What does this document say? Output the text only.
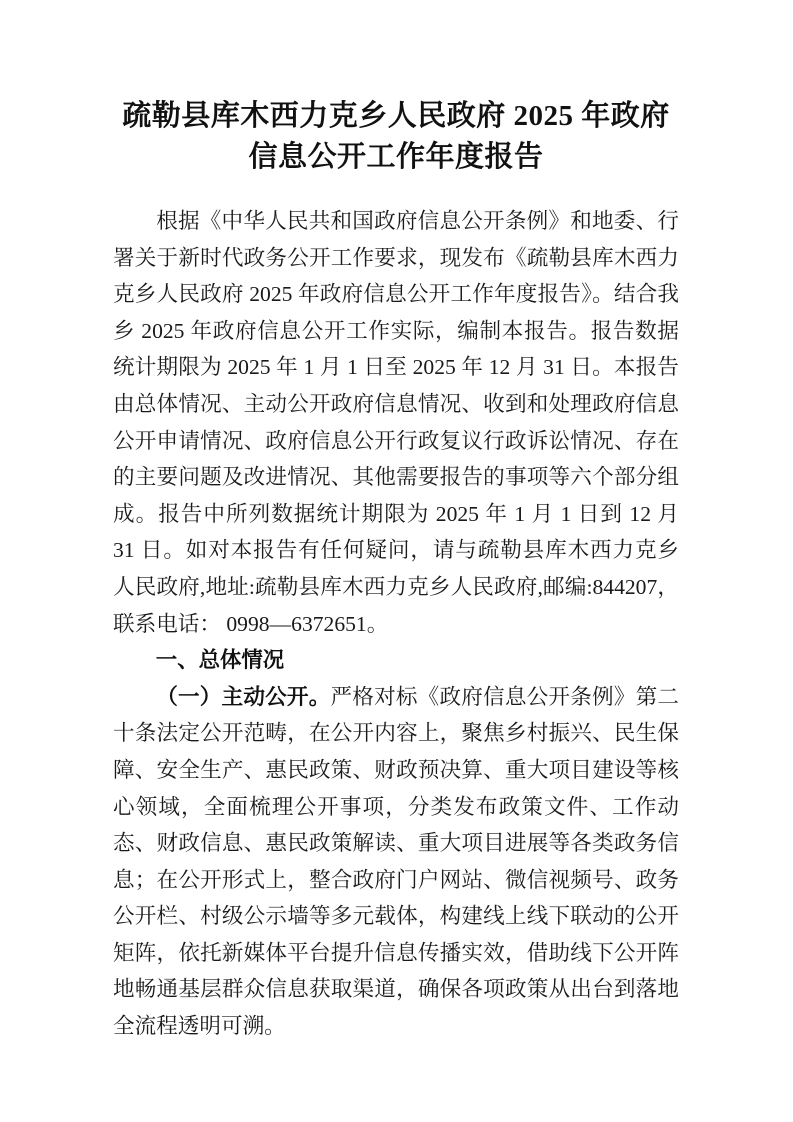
疏勒县库木西力克乡人民政府 2025 年政府
信息公开工作年度报告

根据《中华人民共和国政府信息公开条例》和地委、行署关于新时代政务公开工作要求，现发布《疏勒县库木西力克乡人民政府 2025 年政府信息公开工作年度报告》。结合我乡 2025 年政府信息公开工作实际，编制本报告。报告数据统计期限为 2025 年 1 月 1 日至 2025 年 12 月 31 日。本报告由总体情况、主动公开政府信息情况、收到和处理政府信息公开申请情况、政府信息公开行政复议行政诉讼情况、存在的主要问题及改进情况、其他需要报告的事项等六个部分组成。报告中所列数据统计期限为 2025 年 1 月 1 日到 12 月 31 日。如对本报告有任何疑问，请与疏勒县库木西力克乡人民政府,地址:疏勒县库木西力克乡人民政府,邮编:844207，联系电话： 0998—6372651。

一、总体情况

（一）主动公开。严格对标《政府信息公开条例》第二十条法定公开范畴，在公开内容上，聚焦乡村振兴、民生保障、安全生产、惠民政策、财政预决算、重大项目建设等核心领域，全面梳理公开事项，分类发布政策文件、工作动态、财政信息、惠民政策解读、重大项目进展等各类政务信息；在公开形式上，整合政府门户网站、微信视频号、政务公开栏、村级公示墙等多元载体，构建线上线下联动的公开矩阵，依托新媒体平台提升信息传播实效，借助线下公开阵地畅通基层群众信息获取渠道，确保各项政策从出台到落地全流程透明可溯。
